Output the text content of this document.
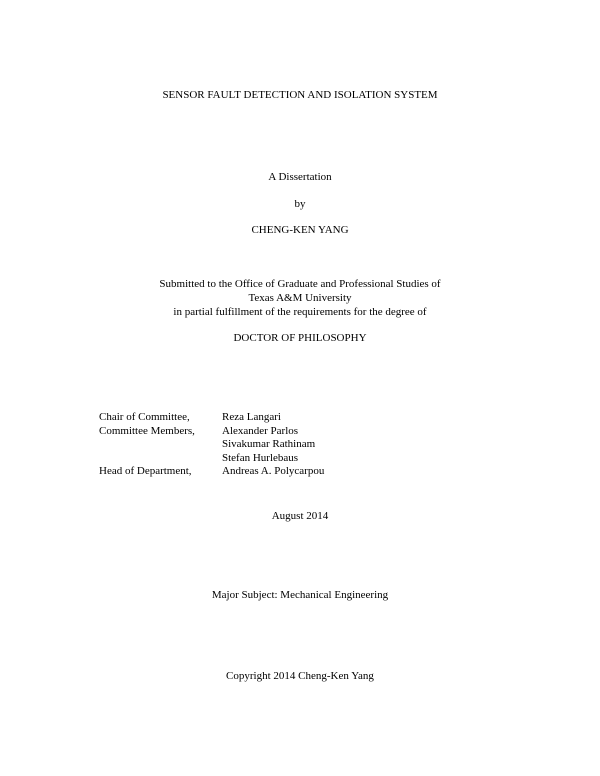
SENSOR FAULT DETECTION AND ISOLATION SYSTEM
A Dissertation
by
CHENG-KEN YANG
Submitted to the Office of Graduate and Professional Studies of
Texas A&M University
in partial fulfillment of the requirements for the degree of
DOCTOR OF PHILOSOPHY
Chair of Committee,	Reza Langari
Committee Members,	Alexander Parlos
Sivakumar Rathinam
Stefan Hurlebaus
Head of Department,	Andreas A. Polycarpou
August 2014
Major Subject: Mechanical Engineering
Copyright 2014 Cheng-Ken Yang
